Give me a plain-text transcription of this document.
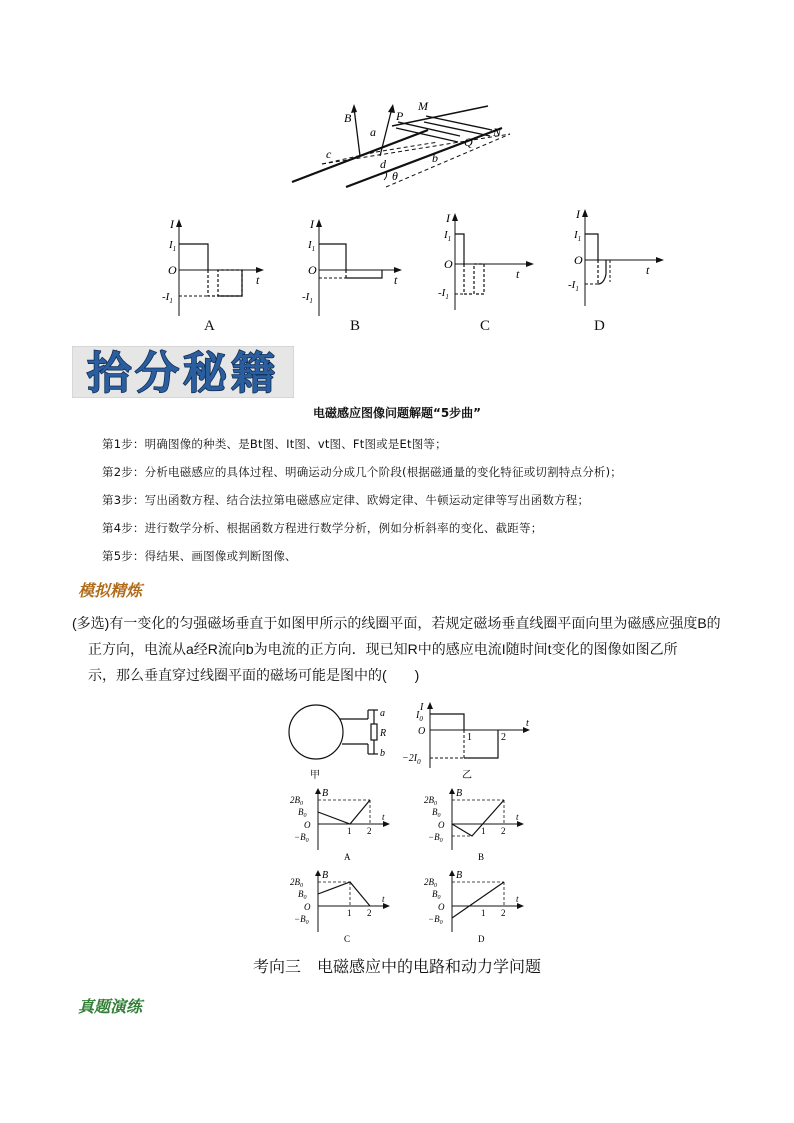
B
a
P
M
N
Q
b
c
d
θ
I
$I_1$
O
t
$-I_1$
A
I
$I_1$
O
t
$-I_1$
B
I
$I_1$
O
t
$-I_1$
C
I
$I_1$
O
t
$-I_1$
D
拾分秘籍
电磁感应图像问题解题“5步曲”
第1步：明确图像的种类、是Bt图、It图、vt图、Ft图或是Et图等；
第2步：分析电磁感应的具体过程、明确运动分成几个阶段(根据磁通量的变化特征或切割特点分析)；
第3步：写出函数方程、结合法拉第电磁感应定律、欧姆定律、牛顿运动定律等写出函数方程；
第4步：进行数学分析、根据函数方程进行数学分析，例如分析斜率的变化、截距等；
第5步：得结果、画图像或判断图像、
模拟精炼
(多选)有一变化的匀强磁场垂直于如图甲所示的线圈平面，若规定磁场垂直线圈平面向里为磁感应强度B的
正方向，电流从a经R流向b为电流的正方向．现已知R中的感应电流I随时间t变化的图像如图乙所
示，那么垂直穿过线圈平面的磁场可能是图中的(　　)
a
R
b
甲
I
$I_0$
O
t
1	2
$-2I_0$
乙
B
$2B_0$
$B_0$
O
$-B_0$
t
1 2
A
B
$2B_0$
$B_0$
O
$-B_0$
t
1 2
B
B
$2B_0$
$B_0$
O
$-B_0$
t
1 2
C
B
$2B_0$
$B_0$
O
$-B_0$
t
1 2
D
考向三　电磁感应中的电路和动力学问题
真题演练
